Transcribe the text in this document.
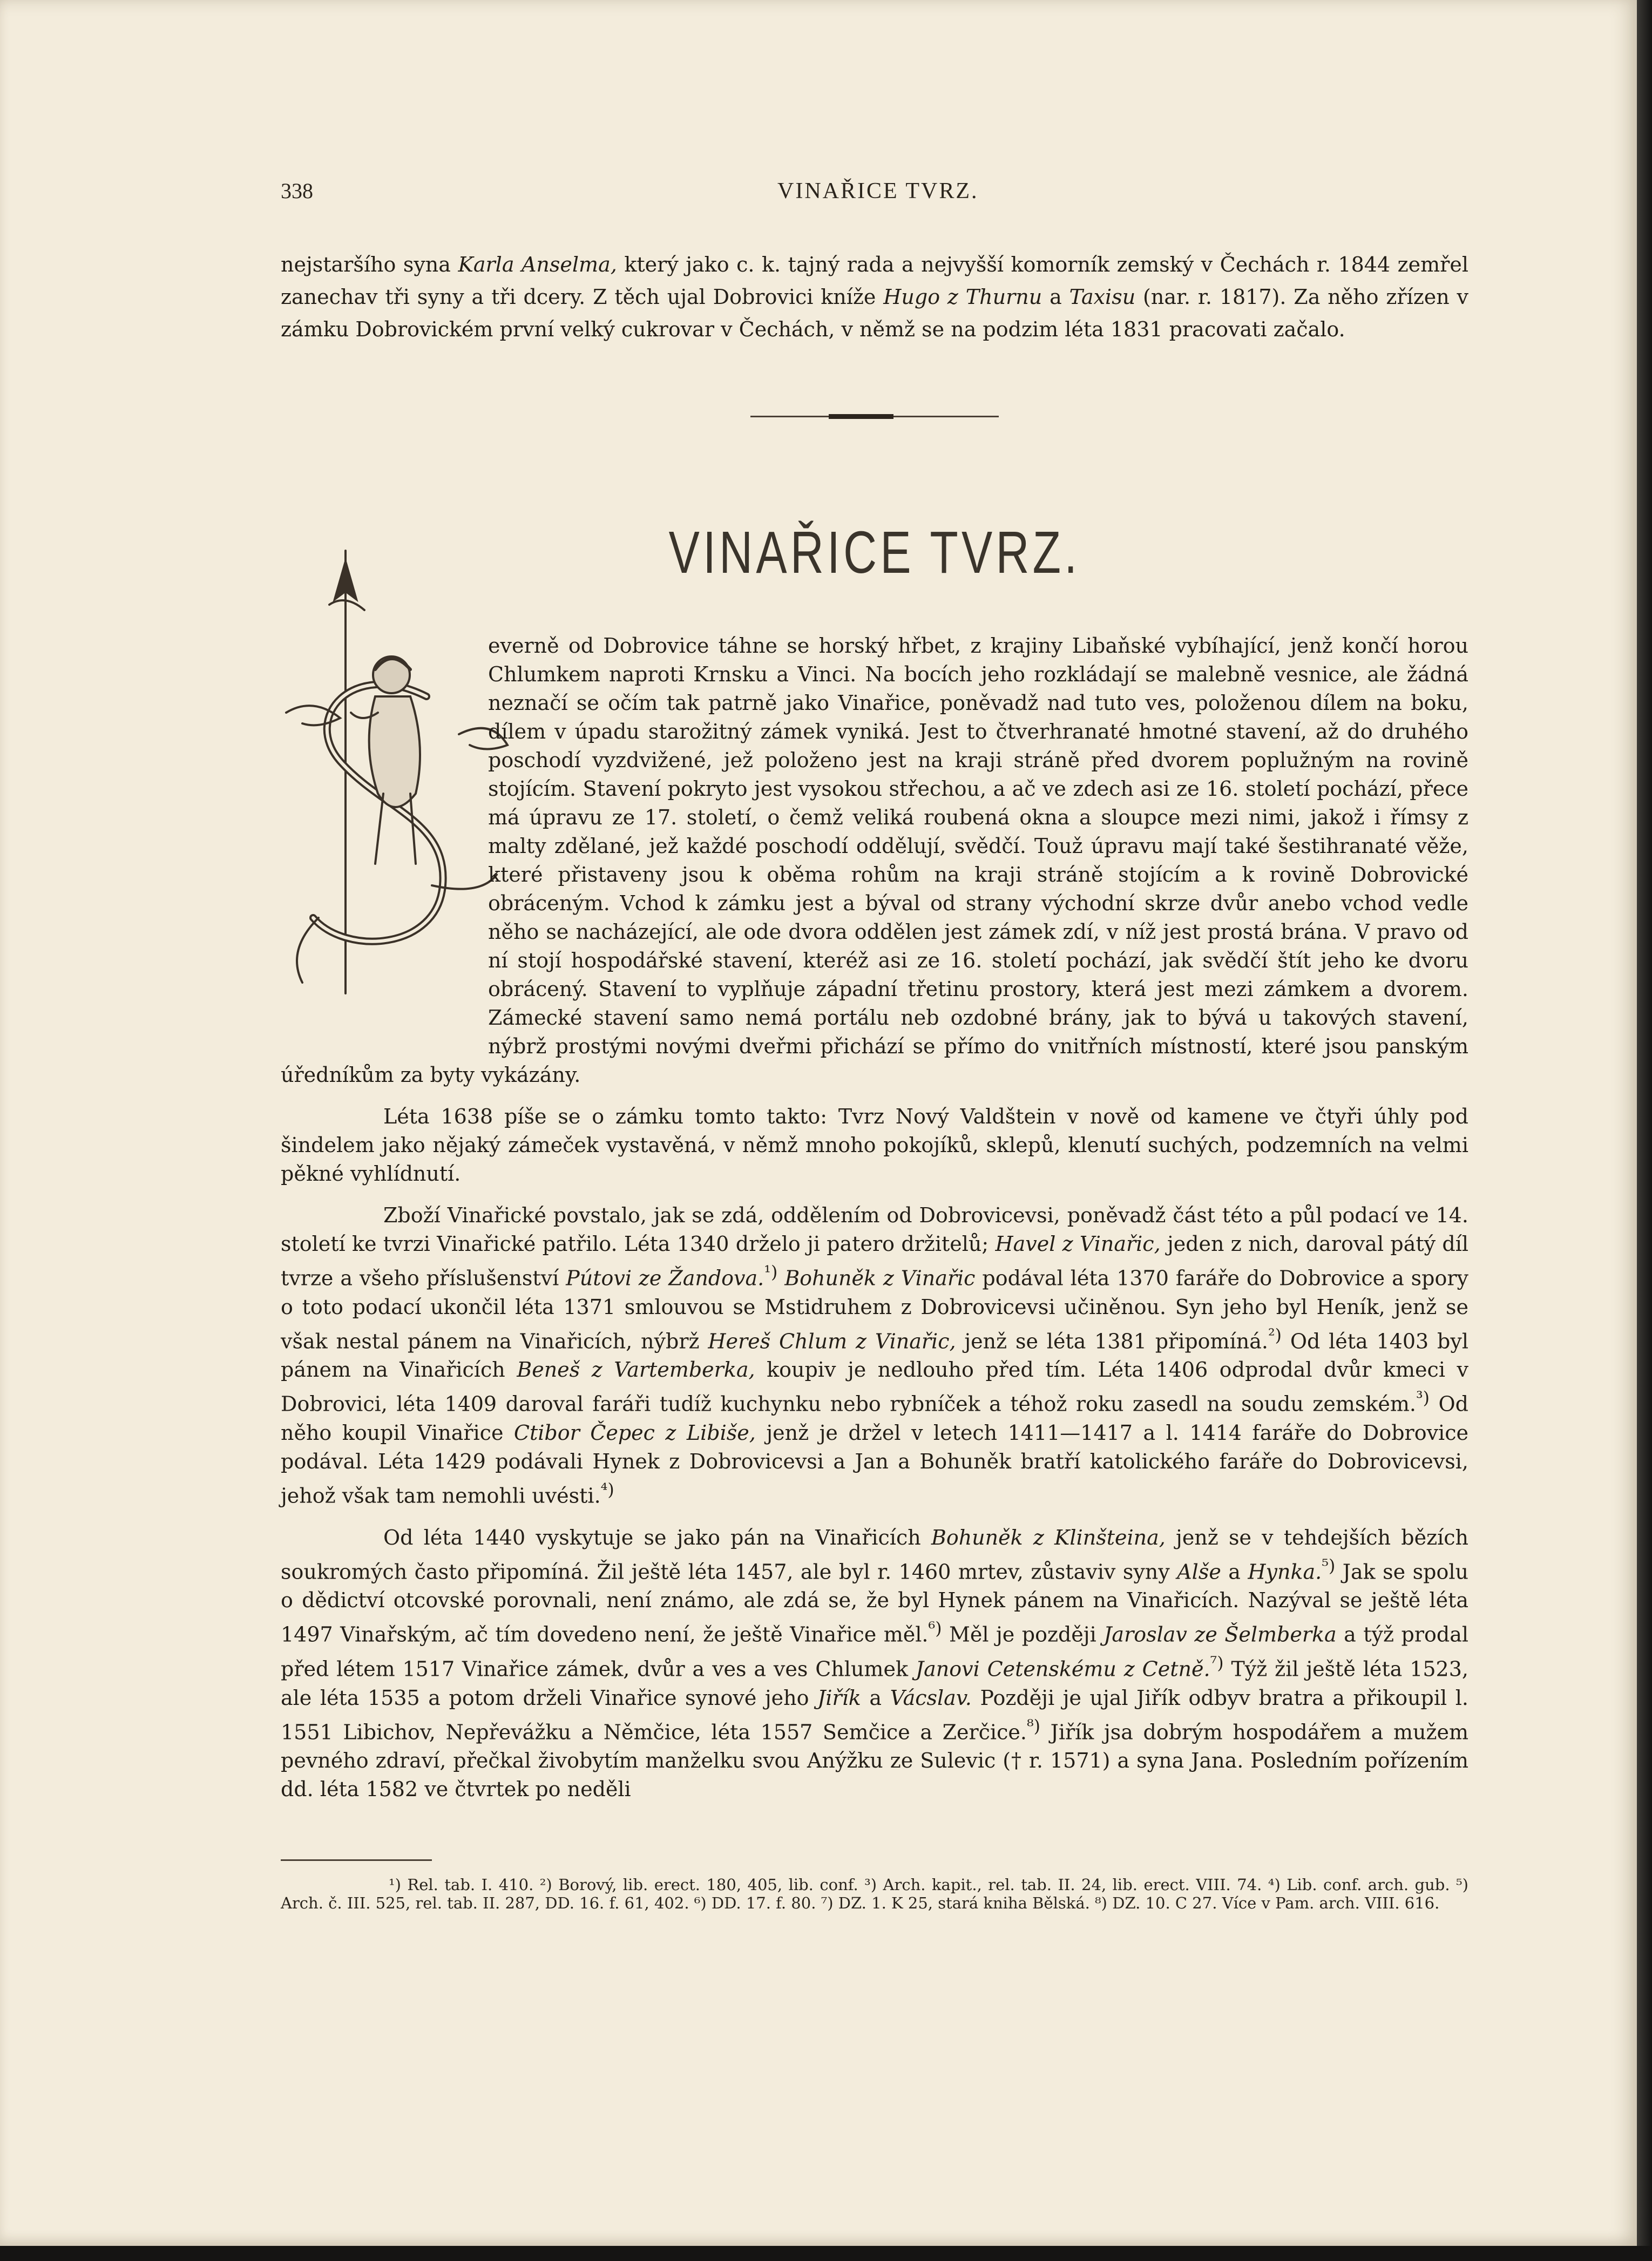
338	VINAŘICE TVRZ.

nejstaršího syna Karla Anselma, který jako c. k. tajný rada a nejvyšší komorník zemský v Čechách r. 1844 zemřel zanechav tři syny a tři dcery. Z těch ujal Dobrovici kníže Hugo z Thurnu a Taxisu (nar. r. 1817). Za něho zřízen v zámku Dobrovickém první velký cukrovar v Čechách, v němž se na podzim léta 1831 pracovati začalo.

VINAŘICE TVRZ.

everně od Dobrovice táhne se horský hřbet, z krajiny Libaňské vybíhající, jenž končí horou Chlumkem naproti Krnsku a Vinci. Na bocích jeho rozkládají se malebně vesnice, ale žádná neznačí se očím tak patrně jako Vinařice, poněvadž nad tuto ves, položenou dílem na boku, dílem v úpadu starožitný zámek vyniká. Jest to čtverhranaté hmotné stavení, až do druhého poschodí vyzdvižené, jež položeno jest na kraji stráně před dvorem poplužným na rovině stojícím. Stavení pokryto jest vysokou střechou, a ač ve zdech asi ze 16. století pochází, přece má úpravu ze 17. století, o čemž veliká roubená okna a sloupce mezi nimi, jakož i římsy z malty zdělané, jež každé poschodí oddělují, svědčí. Touž úpravu mají také šestihranaté věže, které přistaveny jsou k oběma rohům na kraji stráně stojícím a k rovině Dobrovické obráceným. Vchod k zámku jest a býval od strany východní skrze dvůr anebo vchod vedle něho se nacházející, ale ode dvora oddělen jest zámek zdí, v níž jest prostá brána. V pravo od ní stojí hospodářské stavení, kteréž asi ze 16. století pochází, jak svědčí štít jeho ke dvoru obrácený. Stavení to vyplňuje západní třetinu prostory, která jest mezi zámkem a dvorem. Zámecké stavení samo nemá portálu neb ozdobné brány, jak to bývá u takových stavení, nýbrž prostými novými dveřmi přichází se přímo do vnitřních místností, které jsou panským úředníkům za byty vykázány.

Léta 1638 píše se o zámku tomto takto: Tvrz Nový Valdštein v nově od kamene ve čtyři úhly pod šindelem jako nějaký zámeček vystavěná, v němž mnoho pokojíků, sklepů, klenutí suchých, podzemních na velmi pěkné vyhlídnutí.

Zboží Vinařické povstalo, jak se zdá, oddělením od Dobrovicevsi, poněvadž část této a půl podací ve 14. století ke tvrzi Vinařické patřilo. Léta 1340 drželo ji patero držitelů; Havel z Vinařic, jeden z nich, daroval pátý díl tvrze a všeho příslušenství Pútovi ze Žandova.$^{^1)}$ Bohuněk z Vinařic podával léta 1370 faráře do Dobrovice a spory o toto podací ukončil léta 1371 smlouvou se Mstidruhem z Dobrovicevsi učiněnou. Syn jeho byl Heník, jenž se však nestal pánem na Vinařicích, nýbrž Hereš Chlum z Vinařic, jenž se léta 1381 připomíná.$^{^2)}$ Od léta 1403 byl pánem na Vinařicích Beneš z Vartemberka, koupiv je nedlouho před tím. Léta 1406 odprodal dvůr kmeci v Dobrovici, léta 1409 daroval faráři tudíž kuchynku nebo rybníček a téhož roku zasedl na soudu zemském.$^{^3)}$ Od něho koupil Vinařice Ctibor Čepec z Libiše, jenž je držel v letech 1411—1417 a l. 1414 faráře do Dobrovice podával. Léta 1429 podávali Hynek z Dobrovicevsi a Jan a Bohuněk bratří katolického faráře do Dobrovicevsi, jehož však tam nemohli uvésti.$^{^4)}$

Od léta 1440 vyskytuje se jako pán na Vinařicích Bohuněk z Klinšteina, jenž se v tehdejších bězích soukromých často připomíná. Žil ještě léta 1457, ale byl r. 1460 mrtev, zůstaviv syny Alše a Hynka.$^{^5)}$ Jak se spolu o dědictví otcovské porovnali, není známo, ale zdá se, že byl Hynek pánem na Vinařicích. Nazýval se ještě léta 1497 Vinařským, ač tím dovedeno není, že ještě Vinařice měl.$^{^6)}$ Měl je později Jaroslav ze Šelmberka a týž prodal před létem 1517 Vinařice zámek, dvůr a ves a ves Chlumek Janovi Cetenskému z Cetně.$^{^7)}$ Týž žil ještě léta 1523, ale léta 1535 a potom drželi Vinařice synové jeho Jiřík a Vácslav. Později je ujal Jiřík odbyv bratra a přikoupil l. 1551 Libichov, Nepřevážku a Němčice, léta 1557 Semčice a Zerčice.$^{^8)}$ Jiřík jsa dobrým hospodářem a mužem pevného zdraví, přečkal živobytím manželku svou Anýžku ze Sulevic († r. 1571) a syna Jana. Posledním pořízením dd. léta 1582 ve čtvrtek po neděli

¹) Rel. tab. I. 410. ²) Borový, lib. erect. 180, 405, lib. conf. ³) Arch. kapit., rel. tab. II. 24, lib. erect. VIII. 74. ⁴) Lib. conf. arch. gub. ⁵) Arch. č. III. 525, rel. tab. II. 287, DD. 16. f. 61, 402. ⁶) DD. 17. f. 80. ⁷) DZ. 1. K 25, stará kniha Bělská. ⁸) DZ. 10. C 27. Více v Pam. arch. VIII. 616.
